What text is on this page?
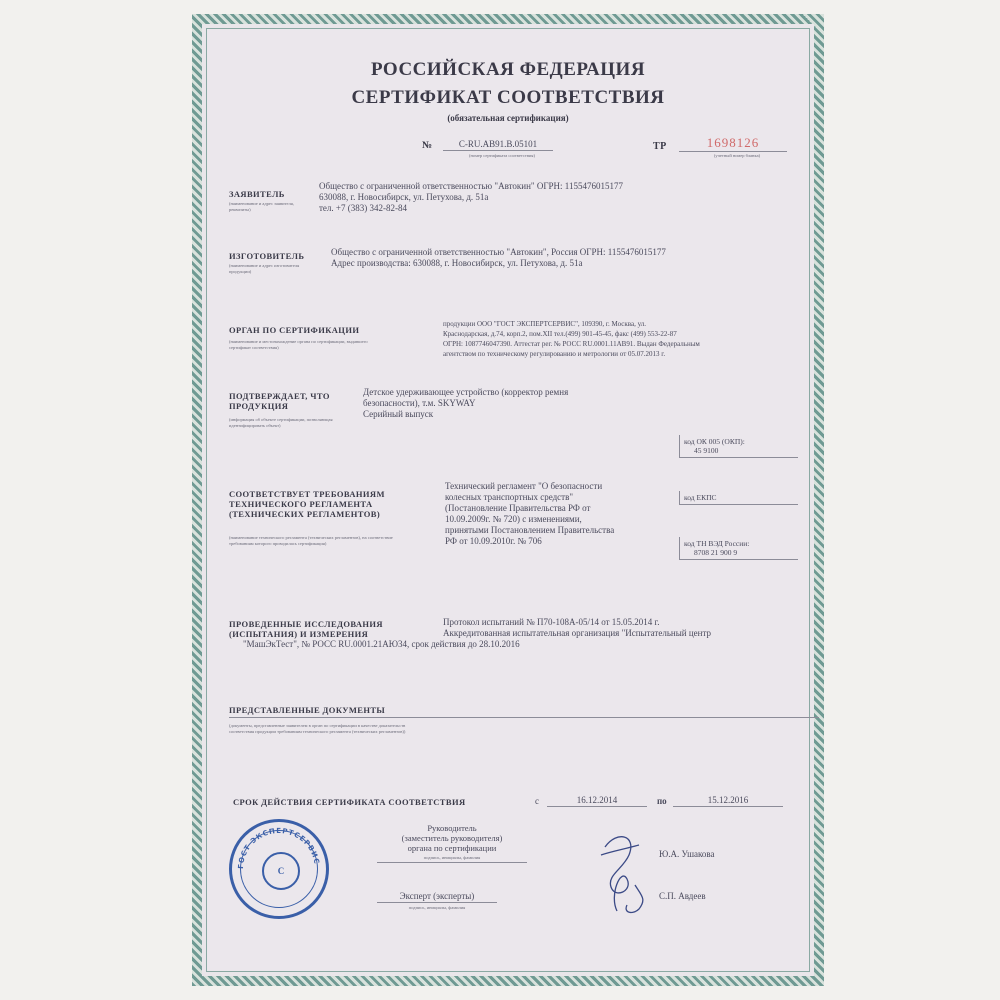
РОССИЙСКАЯ ФЕДЕРАЦИЯ
СЕРТИФИКАТ СООТВЕТСТВИЯ
(обязательная сертификация)
№	C-RU.AB91.B.05101
(номер сертификата соответствия)
ТР	1698126
(учетный номер бланка)
ЗАЯВИТЕЛЬ
(наименование и адрес заявителя, реквизиты)
Общество с ограниченной ответственностью "Автокин" ОГРН: 1155476015177
630088, г. Новосибирск, ул. Петухова, д. 51а
тел. +7 (383) 342-82-84
ИЗГОТОВИТЕЛЬ
(наименование и адрес изготовителя продукции)
Общество с ограниченной ответственностью "Автокин", Россия ОГРН: 1155476015177
Адрес производства: 630088, г. Новосибирск, ул. Петухова, д. 51а
ОРГАН ПО СЕРТИФИКАЦИИ
(наименование и местонахождение органа по сертификации, выдавшего сертификат соответствия)
продукции ООО "ГОСТ ЭКСПЕРТСЕРВИС", 109390, г. Москва, ул.
Краснодарская, д.74, корп.2, пом.XII тел.(499) 901-45-45, факс (499) 553-22-87
ОГРН: 1087746047390. Аттестат рег. № РОСС RU.0001.11АВ91. Выдан Федеральным
агентством по техническому регулированию и метрологии от 05.07.2013 г.
ПОДТВЕРЖДАЕТ, ЧТО
ПРОДУКЦИЯ
(информация об объекте сертификации, позволяющая идентифицировать объект)
Детское удерживающее устройство (корректор ремня
безопасности), т.м. SKYWAY
Серийный выпуск
код ОК 005 (ОКП):
45 9100
код ЕКПС
код ТН ВЭД России:
8708 21 900 9
СООТВЕТСТВУЕТ ТРЕБОВАНИЯМ
ТЕХНИЧЕСКОГО РЕГЛАМЕНТА
(ТЕХНИЧЕСКИХ РЕГЛАМЕНТОВ)
(наименование технического регламента (технических регламентов), на соответствие требованиям которого проводилась сертификация)
Технический регламент "О безопасности
колесных транспортных средств"
(Постановление Правительства РФ от
10.09.2009г. № 720) с изменениями,
принятыми Постановлением Правительства
РФ от 10.09.2010г. № 706
ПРОВЕДЕННЫЕ ИССЛЕДОВАНИЯ
(ИСПЫТАНИЯ) И ИЗМЕРЕНИЯ
Протокол испытаний № П70-108А-05/14 от 15.05.2014 г.
Аккредитованная испытательная организация "Испытательный центр
"МашЭкТест", № РОСС RU.0001.21АЮ34, срок действия до 28.10.2016
ПРЕДСТАВЛЕННЫЕ ДОКУМЕНТЫ
(документы, представленные заявителем в орган по сертификации в качестве доказательств соответствия продукции требованиям технического регламента (технических регламентов))
СРОК ДЕЙСТВИЯ СЕРТИФИКАТА СООТВЕТСТВИЯ	с	16.12.2014	по	15.12.2016
Руководитель
(заместитель руководителя)
органа по сертификации
подпись, инициалы, фамилия	Ю.А. Ушакова
Эксперт (эксперты)
подпись, инициалы, фамилия
С.П. Авдеев
ГОСТ ЭКСПЕРТСЕРВИС
С
